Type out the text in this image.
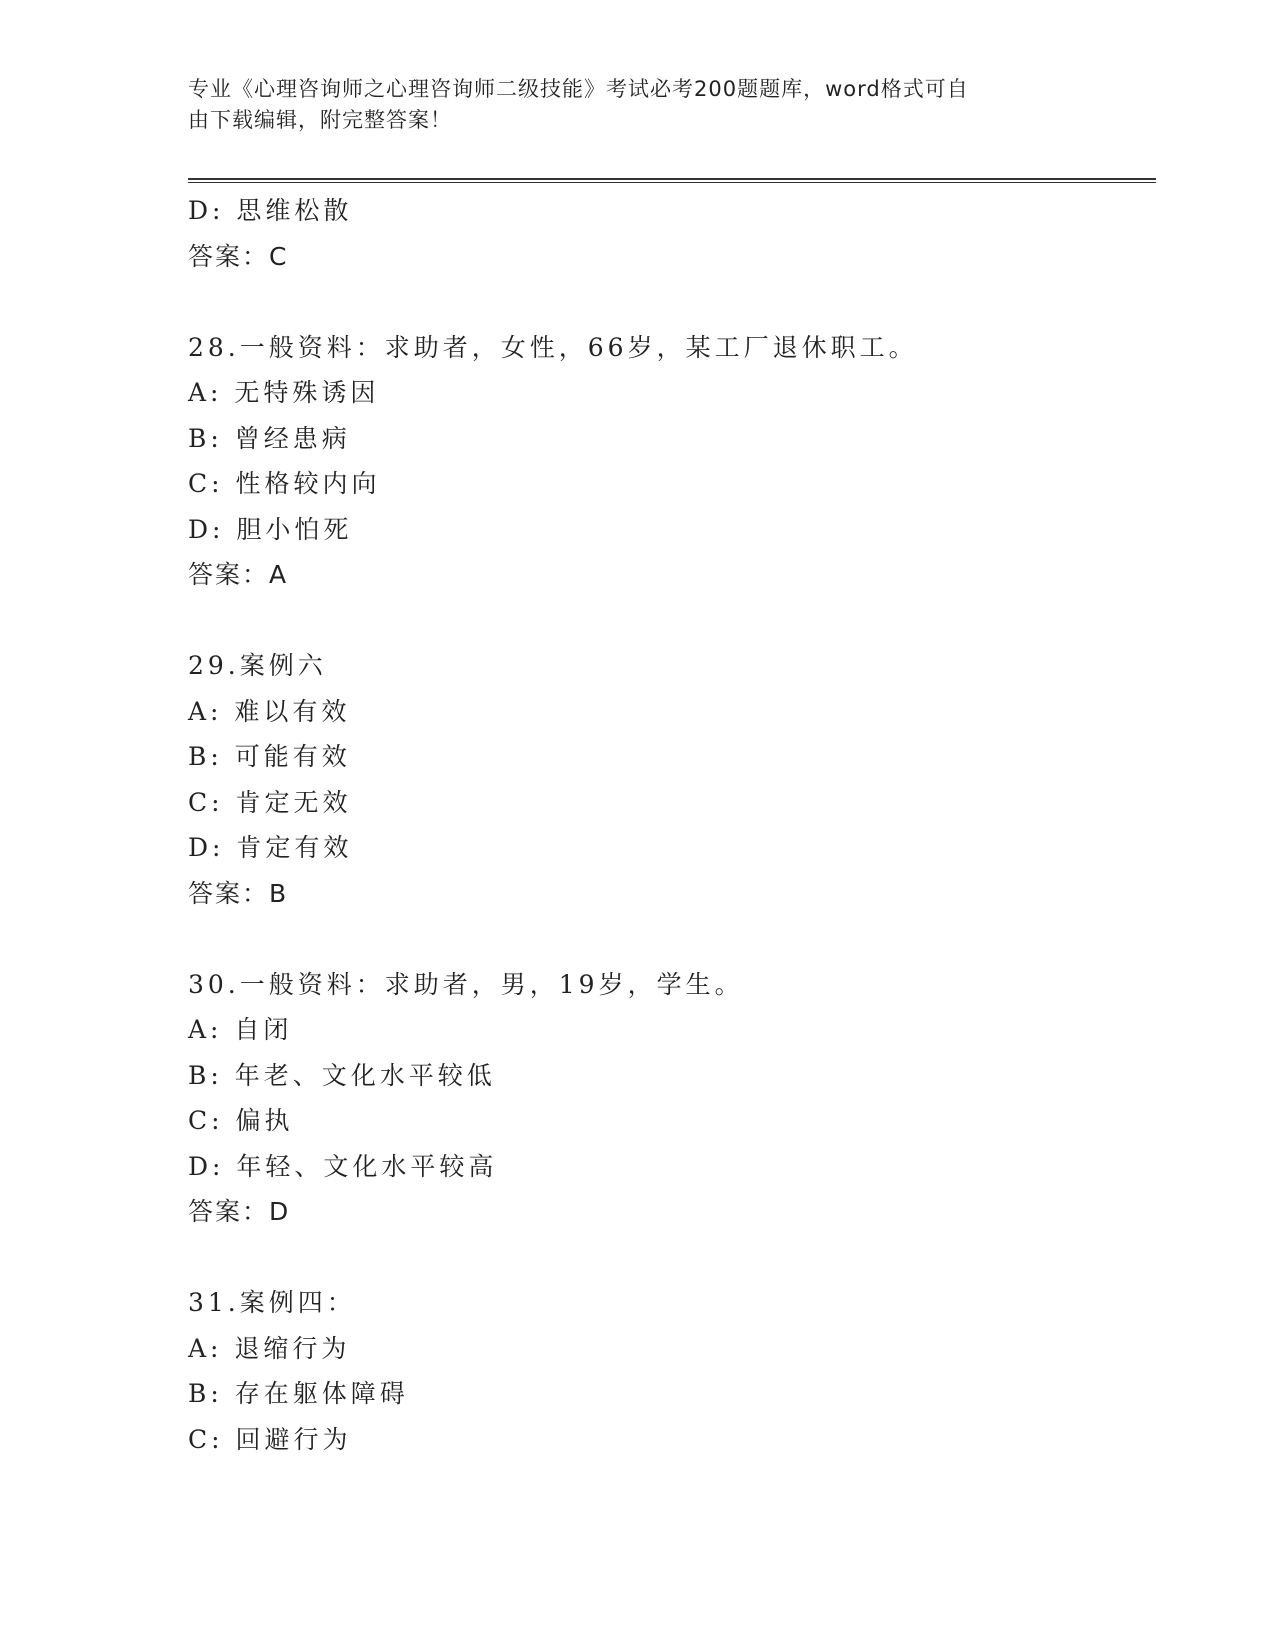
专业《心理咨询师之心理咨询师二级技能》考试必考200题题库，word格式可自
由下载编辑，附完整答案！
D: 思维松散
答案：C
28.一般资料：求助者，女性，66岁，某工厂退休职工。
A: 无特殊诱因
B: 曾经患病
C: 性格较内向
D: 胆小怕死
答案：A
29.案例六
A: 难以有效
B: 可能有效
C: 肯定无效
D: 肯定有效
答案：B
30.一般资料：求助者，男，19岁，学生。
A: 自闭
B: 年老、文化水平较低
C: 偏执
D: 年轻、文化水平较高
答案：D
31.案例四：
A: 退缩行为
B: 存在躯体障碍
C: 回避行为
